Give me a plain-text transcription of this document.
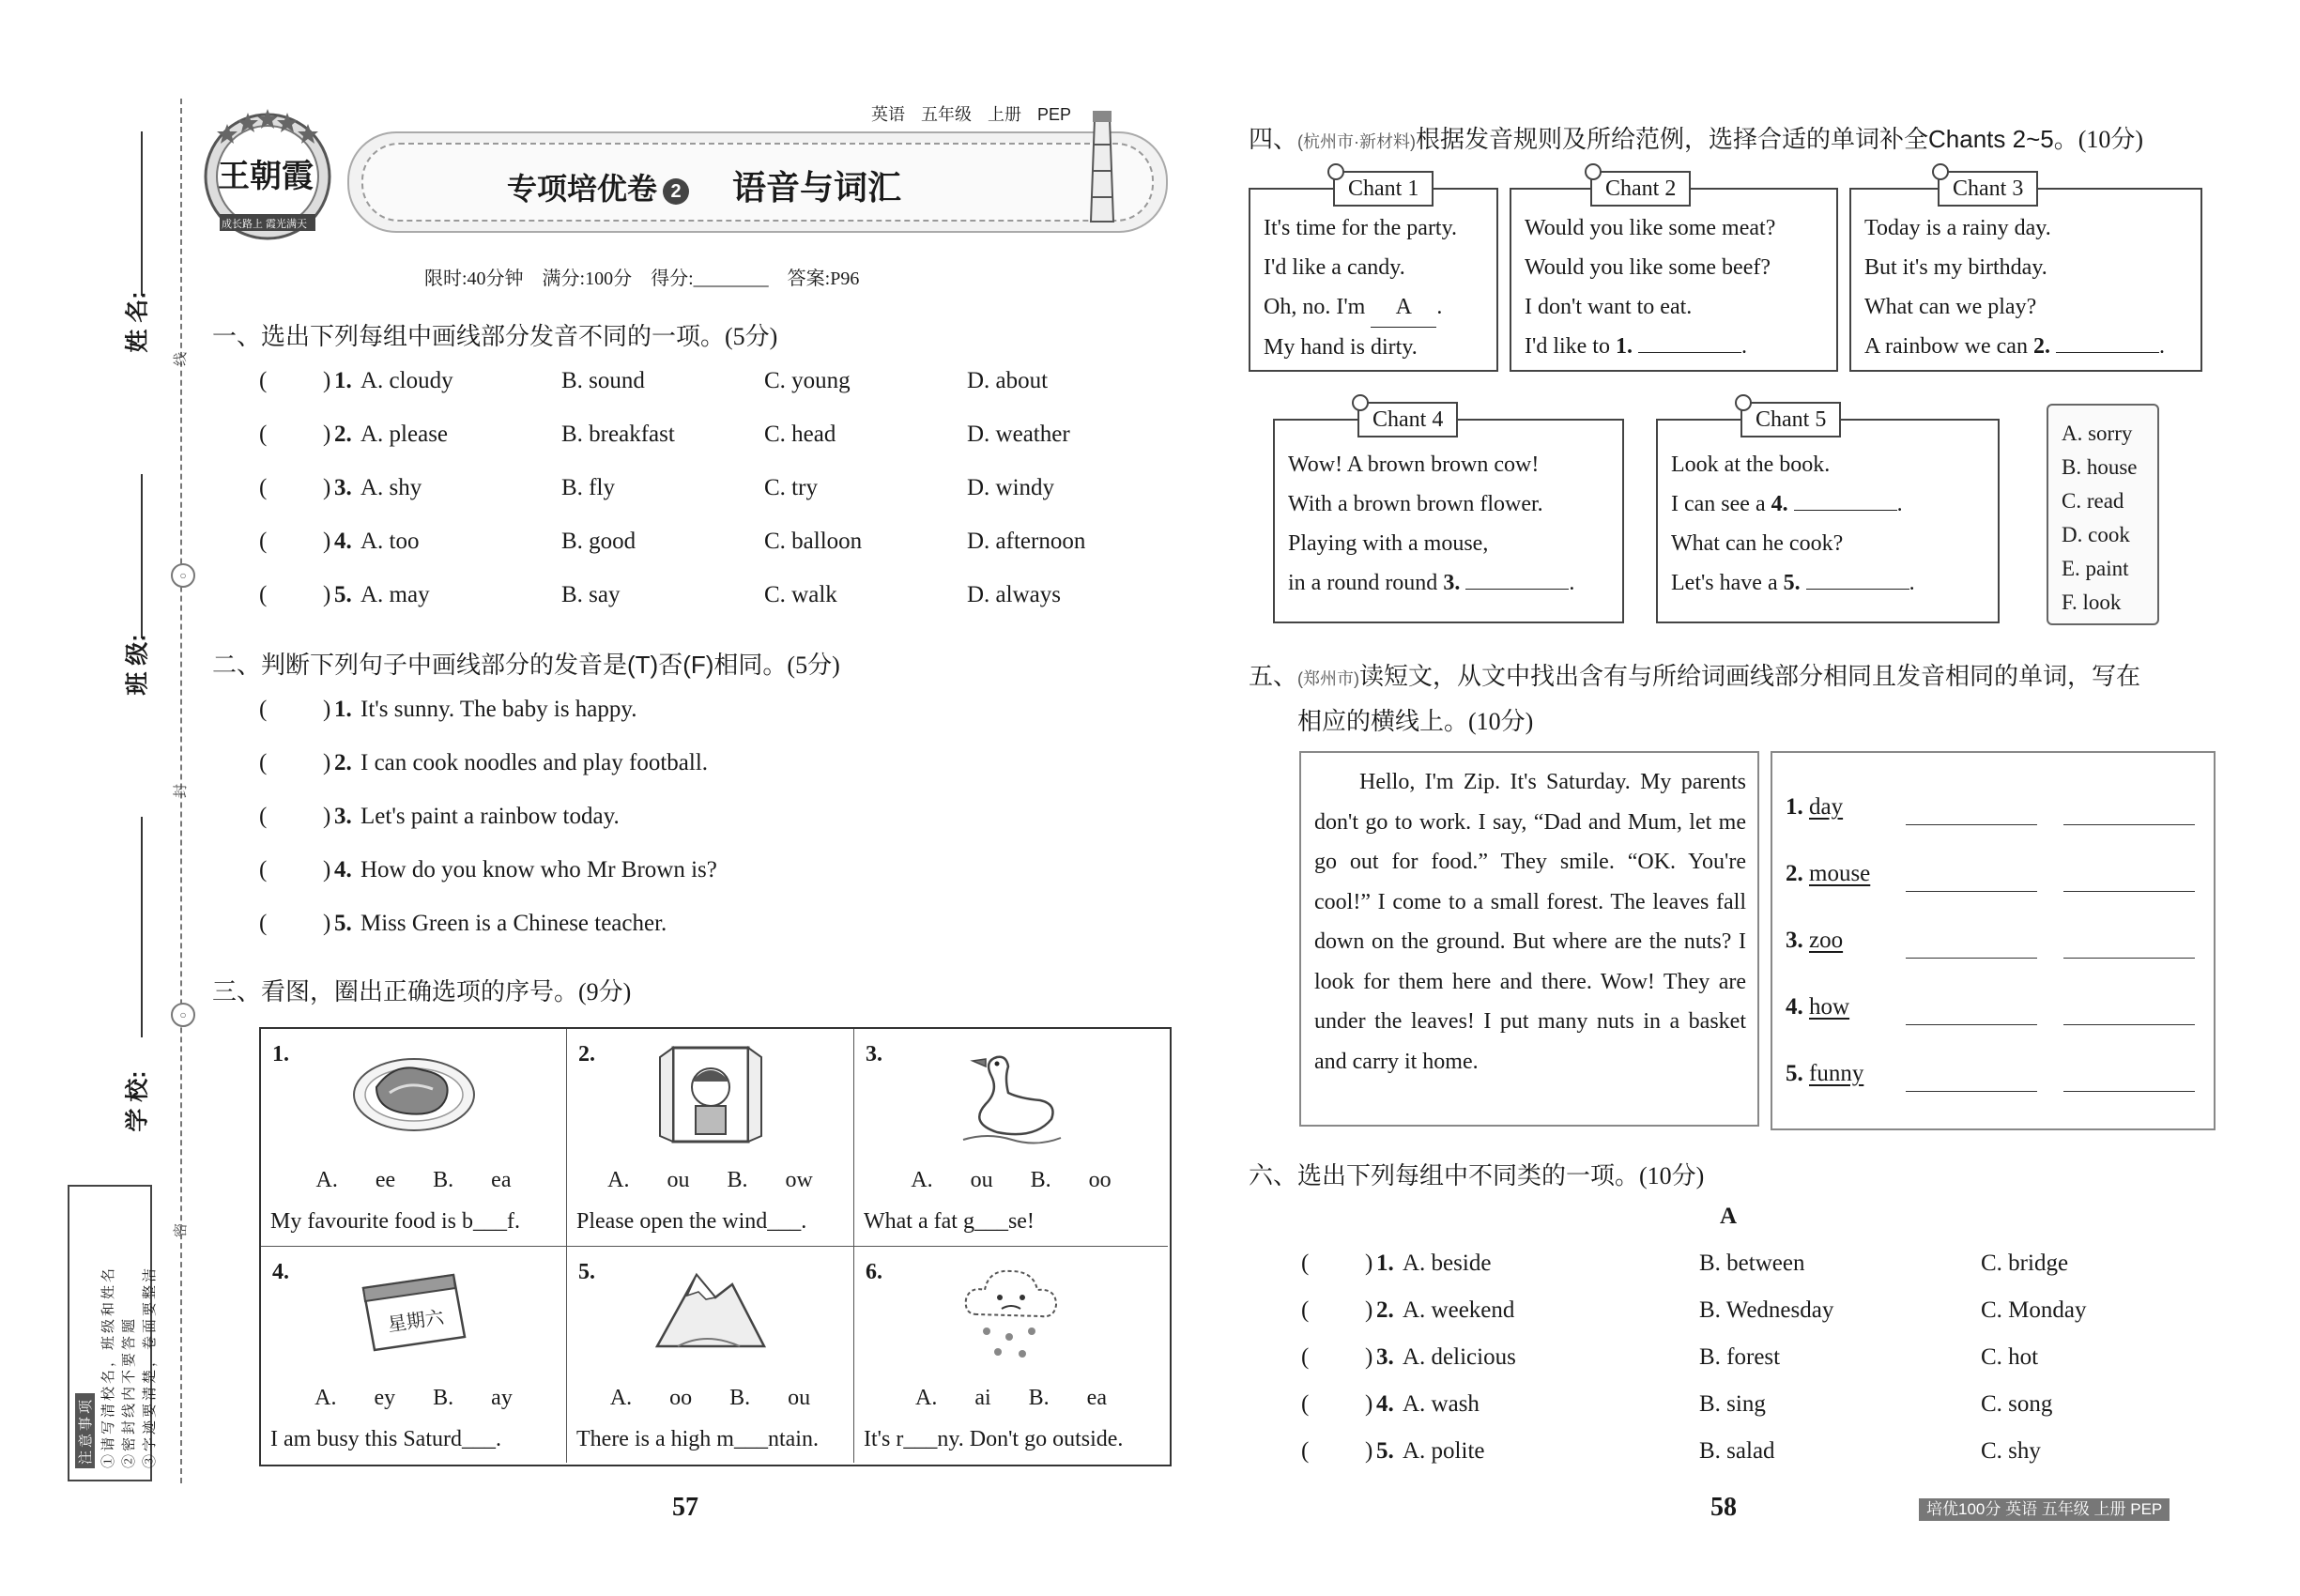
姓 名:
班 级:
学 校:
线
○
封
○
密
注意事项 ①请写清校名，班级和姓名 ②密封线内不要答题 ③字迹要清楚，卷面要整洁
王朝霞
成长路上 霞光满天
英语 五年级 上册 PEP
专项培优卷 2 语音与词汇
限时:40分钟　满分:100分　得分:________　答案:P96
一、选出下列每组中画线部分发音不同的一项。(5分)
( ) 1. A. cloudy	B. sound	C. young	D. about
( ) 2. A. please	B. breakfast	C. head	D. weather
( ) 3. A. shy	B. fly	C. try	D. windy
( ) 4. A. too	B. good	C. balloon	D. afternoon
( ) 5. A. may	B. say	C. walk	D. always
二、判断下列句子中画线部分的发音是(T)否(F)相同。(5分)
( ) 1. It's sunny. The baby is happy.
( ) 2. I can cook noodles and play football.
( ) 3. Let's paint a rainbow today.
( ) 4. How do you know who Mr Brown is?
( ) 5. Miss Green is a Chinese teacher.
三、看图，圈出正确选项的序号。(9分)
1.
A. ee B. ea
My favourite food is b___f.
2.
A. ou B. ow
Please open the wind___.
3.
A. ou B. oo
What a fat g___se!
4.
星期六
A. ey B. ay
I am busy this Saturd___.
5.
A. oo B. ou
There is a high m___ntain.
6.
A. ai B. ea
It's r___ny. Don't go outside.
57
四、(杭州市·新材料)根据发音规则及所给范例，选择合适的单词补全Chants 2~5。(10分)
It's time for the party.
I'd like a candy.
Oh, no. I'm A .
My hand is dirty.
Chant 1
Would you like some meat?
Would you like some beef?
I don't want to eat.
I'd like to 1.	.
Chant 2
Today is a rainy day.
But it's my birthday.
What can we play?
A rainbow we can 2.	.
Chant 3
Wow! A brown brown cow!
With a brown brown flower.
Playing with a mouse,
in a round round 3.	.
Chant 4
Look at the book.
I can see a 4.	.
What can he cook?
Let's have a 5.	.
Chant 5
A. sorry
B. house
C. read
D. cook
E. paint
F. look
五、(郑州市)读短文，从文中找出含有与所给词画线部分相同且发音相同的单词，写在
相应的横线上。(10分)
Hello, I'm Zip. It's Saturday. My parents don't go to work. I say, “Dad and Mum, let me go out for food.” They smile. “OK. You're cool!” I come to a small forest. The leaves fall down on the ground. But where are the nuts? I look for them here and there. Wow! They are under the leaves! I put many nuts in a basket and carry it home.
1. day
2. mouse
3. zoo
4. how
5. funny
六、选出下列每组中不同类的一项。(10分)
A
( ) 1. A. beside	B. between	C. bridge
( ) 2. A. weekend	B. Wednesday	C. Monday
( ) 3. A. delicious	B. forest	C. hot
( ) 4. A. wash	B. sing	C. song
( ) 5. A. polite	B. salad	C. shy
58	培优100分 英语 五年级 上册 PEP
